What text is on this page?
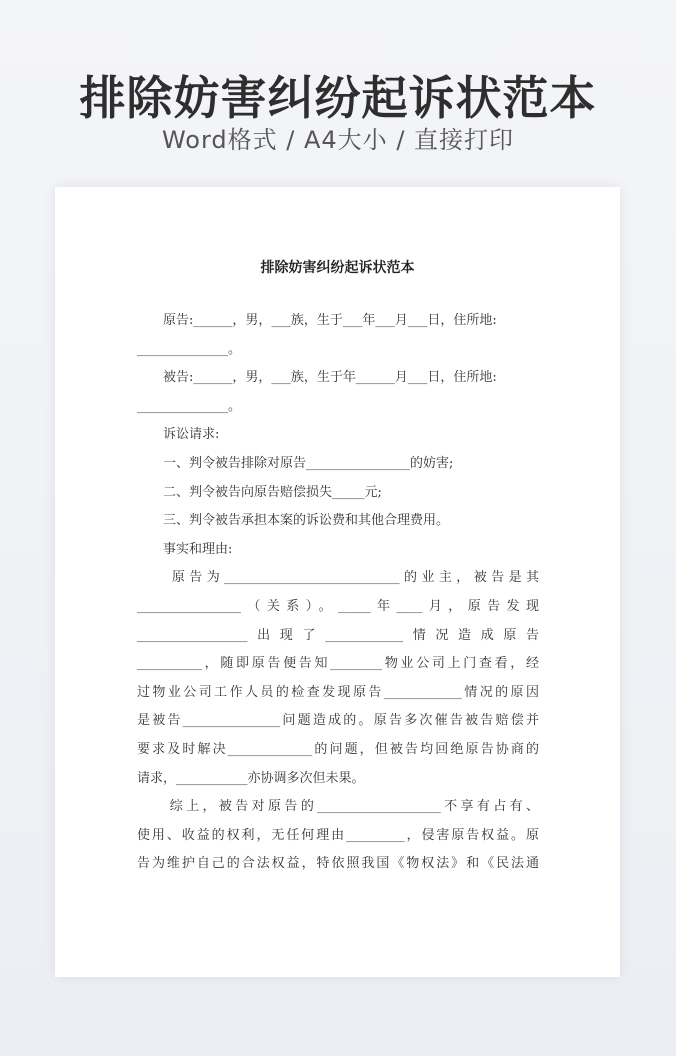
排除妨害纠纷起诉状范本

Word格式 / A4大小 / 直接打印

排除妨害纠纷起诉状范本
　　原告:______，男，___族，生于___年___月___日，住所地:
______________。
　　被告:______，男，___族，生于年______月___日，住所地:
______________。
　　诉讼请求:
　　一、判令被告排除对原告________________的妨害;
　　二、判令被告向原告赔偿损失_____元;
　　三、判令被告承担本案的诉讼费和其他合理费用。
　　事实和理由:
　　原告为___________________________的业主，被告是其
________________（关系）。_____年____月，原告发现
_________________出现了____________情况造成原告
__________，随即原告便告知________物业公司上门查看，经
过物业公司工作人员的检查发现原告____________情况的原因
是被告_______________问题造成的。原告多次催告被告赔偿并
要求及时解决_____________的问题，但被告均回绝原告协商的
请求，___________亦协调多次但未果。
　　综上，被告对原告的___________________不享有占有、
使用、收益的权利，无任何理由_________，侵害原告权益。原
告为维护自己的合法权益，特依照我国《物权法》和《民法通
